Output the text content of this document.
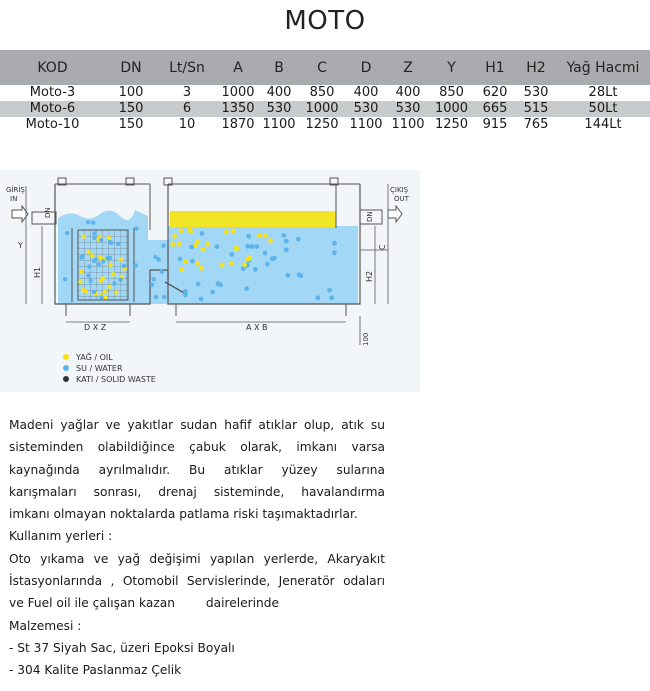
MOTO
KOD	DN	Lt/Sn	A	B	C	D	Z	Y	H1	H2	Yağ Hacmi
Moto-3	100	3	1000	400	850	400	400	850	620	530	28Lt
Moto-6	150	6	1350	530	1000	530	530	1000	665	515	50Lt
Moto-10	150	10	1870	1100	1250	1100	1100	1250	915	765	144Lt
GİRİŞ IN
ÇIKIŞ OUT
DN
Y
H1
DN
H2
C
D X Z	A X B
100
YAĞ / OIL
SU / WATER
KATI / SOLID WASTE

Madeni yağlar ve yakıtlar sudan hafif atıklar olup, atık su

sisteminden olabildiğince çabuk olarak, imkanı varsa

kaynağında ayrılmalıdır. Bu atıklar yüzey sularına

karışmaları sonrası, drenaj sisteminde, havalandırma

imkanı olmayan noktalarda patlama riski taşımaktadırlar.

Kullanım yerleri :

Oto yıkama ve yağ değişimi yapılan yerlerde, Akaryakıt

İstasyonlarında , Otomobil Servislerinde, Jeneratör odaları

ve Fuel oil ile çalışan kazan        dairelerinde

Malzemesi :

- St 37 Siyah Sac, üzeri Epoksi Boyalı

- 304 Kalite Paslanmaz Çelik
